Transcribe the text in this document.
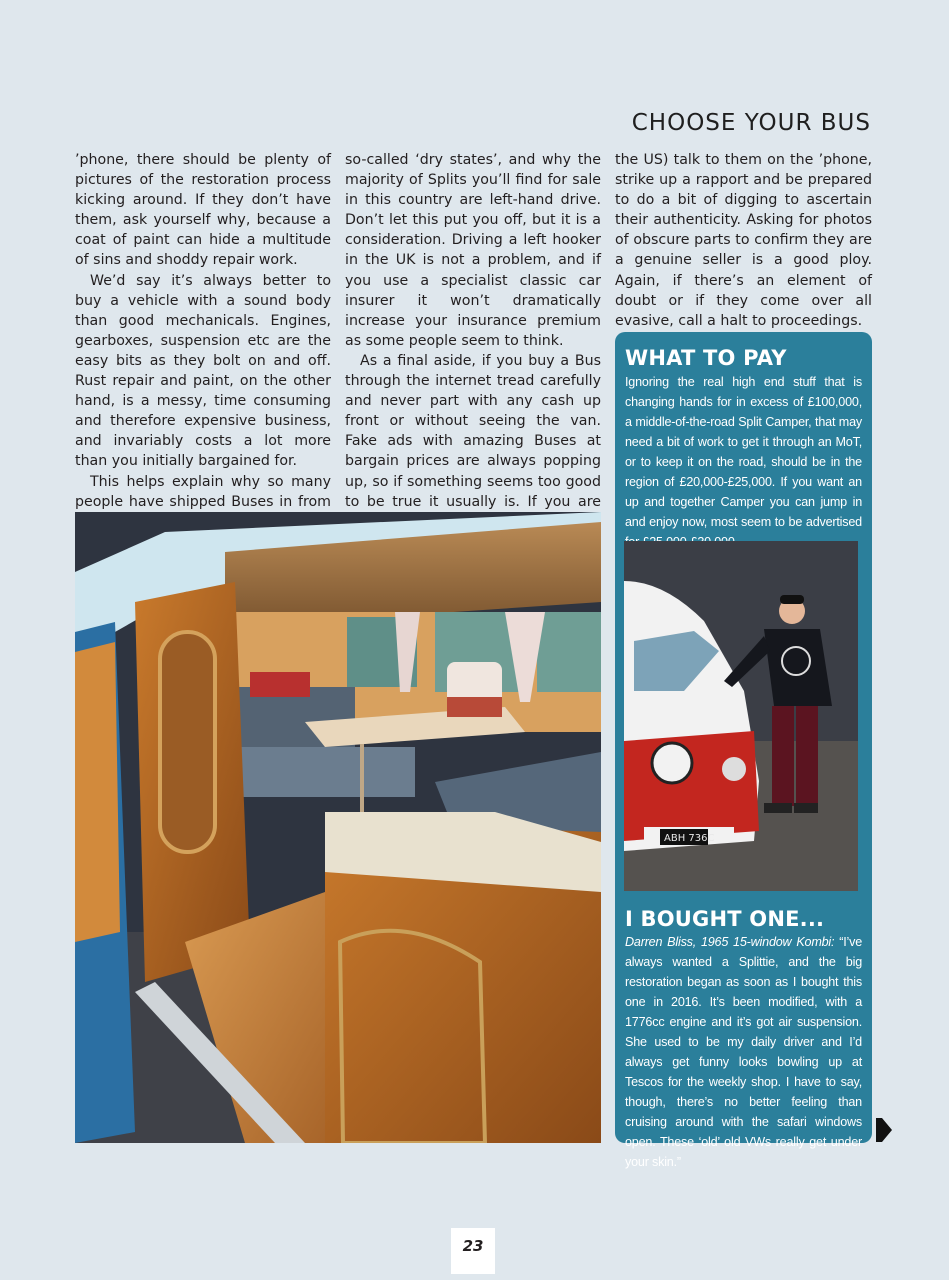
CHOOSE YOUR BUS

’phone, there should be plenty of pictures of the restoration process kicking around. If they don’t have them, ask yourself why, because a coat of paint can hide a multitude of sins and shoddy repair work.

We’d say it’s always better to buy a vehicle with a sound body than good mechanicals. Engines, gearboxes, suspension etc are the easy bits as they bolt on and off. Rust repair and paint, on the other hand, is a messy, time consuming and therefore expensive business, and invariably costs a lot more than you initially bargained for.

This helps explain why so many people have shipped Buses in from

so-called ‘dry states’, and why the majority of Splits you’ll find for sale in this country are left-hand drive. Don’t let this put you off, but it is a consideration. Driving a left hooker in the UK is not a problem, and if you use a specialist classic car insurer it won’t dramatically increase your insurance premium as some people seem to think.

As a final aside, if you buy a Bus through the internet tread carefully and never part with any cash up front or without seeing the van. Fake ads with amazing Buses at bargain prices are always popping up, so if something seems too good to be true it usually is. If you are

the US) talk to them on the ’phone, strike up a rapport and be prepared to do a bit of digging to ascertain their authenticity. Asking for photos of obscure parts to confirm they are a genuine seller is a good ploy. Again, if there’s an element of doubt or if they come over all evasive, call a halt to proceedings.

WHAT TO PAY
Ignoring the real high end stuff that is changing hands for in excess of £100,000, a middle-of-the-road Split Camper, that may need a bit of work to get it through an MoT, or to keep it on the road, should be in the region of £20,000-£25,000. If you want an up and together Camper you can jump in and enjoy now, most seem to be advertised
ABH 736C
I BOUGHT ONE...
Darren Bliss, 1965 15-window Kombi: “I’ve always wanted a Splittie, and the big restoration began as soon as I bought this one in 2016. It’s been modified, with a 1776cc engine and it’s got air suspension. She used to be my daily driver and I’d always get funny looks bowling up at Tescos for the weekly shop. I have to say, though, there’s no better feeling than cruising around with the safari windows open. These ‘old’ old VWs really get under your skin.”
23
